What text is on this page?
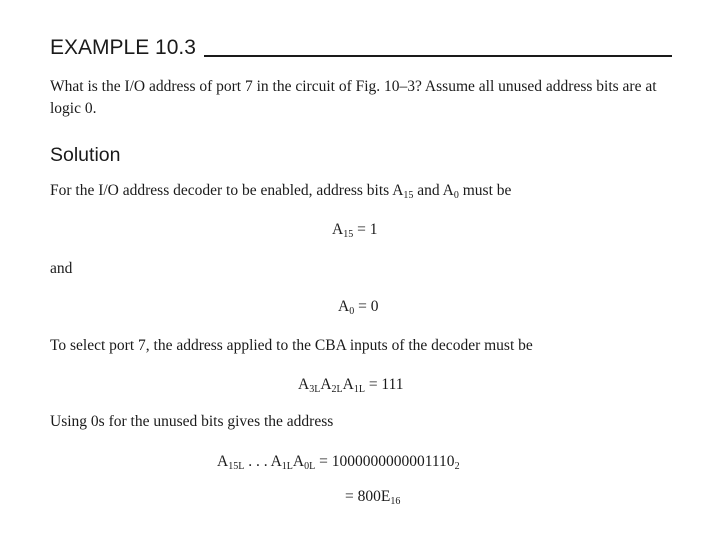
EXAMPLE 10.3
What is the I/O address of port 7 in the circuit of Fig. 10–3? Assume all unused address bits are at logic 0.
Solution
For the I/O address decoder to be enabled, address bits $A_{15}$ and $A_0$ must be
$A_{15} = 1$
and
$A_0 = 0$
To select port 7, the address applied to the CBA inputs of the decoder must be
$A_{3L}A_{2L}A_{1L} = 111$
Using 0s for the unused bits gives the address
$A_{15L}$ . . . $A_{1L}A_{0L} = 1000000000001110_2$
= $800E_{16}$
